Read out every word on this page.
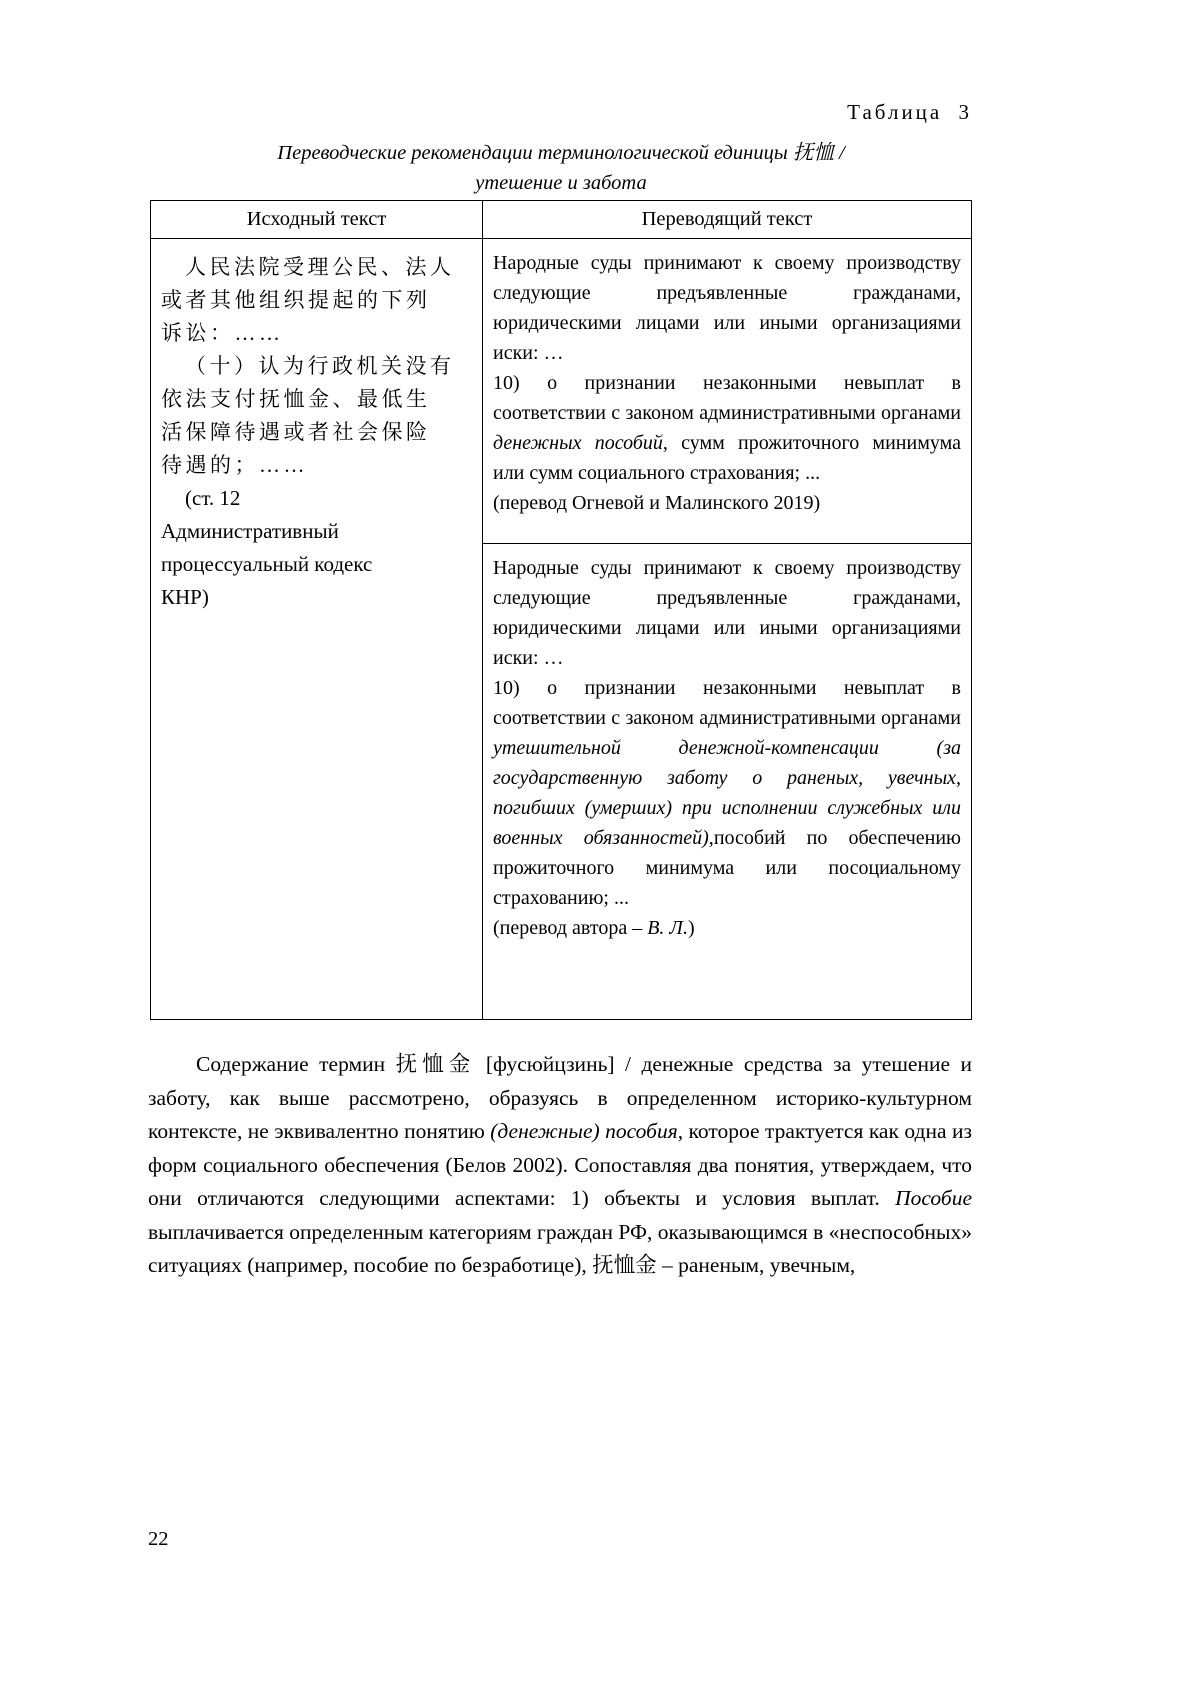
Таблица 3
Переводческие рекомендации терминологической единицы 抚恤 /
утешение и забота
Исходный текст	Переводящий текст
人民法院受理公民、法人
或者其他组织提起的下列
诉讼：……
（十）认为行政机关没有
依法支付抚恤金、最低生
活保障待遇或者社会保险
待遇的；……
(ст. 12
Административный
процессуальный кодекс
КНР)

Народные суды принимают к своему производству следующие предъявленные гражданами, юридическими лицами или иными организациями иски: …

10) о признании незаконными невыплат в соответствии с законом административными органами денежных пособий, сумм прожиточного минимума или сумм социального страхования; ...

(перевод Огневой и Малинского 2019)

Народные суды принимают к своему производству следующие предъявленные гражданами, юридическими лицами или иными организациями иски: …

10) о признании незаконными невыплат в соответствии с законом административными органами утешительной денежной-компенсации (за государственную заботу о раненых, увечных, погибших (умерших) при исполнении служебных или военных обязанностей),пособий по обеспечению прожиточного минимума или посоциальному страхованию; ...

(перевод автора – В. Л.)

Содержание термин 抚恤金 [фусюйцзинь] / денежные средства за утешение и заботу, как выше рассмотрено, образуясь в определенном историко-культурном контексте, не эквивалентно понятию (денежные) пособия, которое трактуется как одна из форм социального обеспечения (Белов 2002). Сопоставляя два понятия, утверждаем, что они отличаются следующими аспектами: 1) объекты и условия выплат. Пособие выплачивается определенным категориям граждан РФ, оказывающимся в «неспособных» ситуациях (например, пособие по безработице), 抚恤金 – раненым, увечным,
22
